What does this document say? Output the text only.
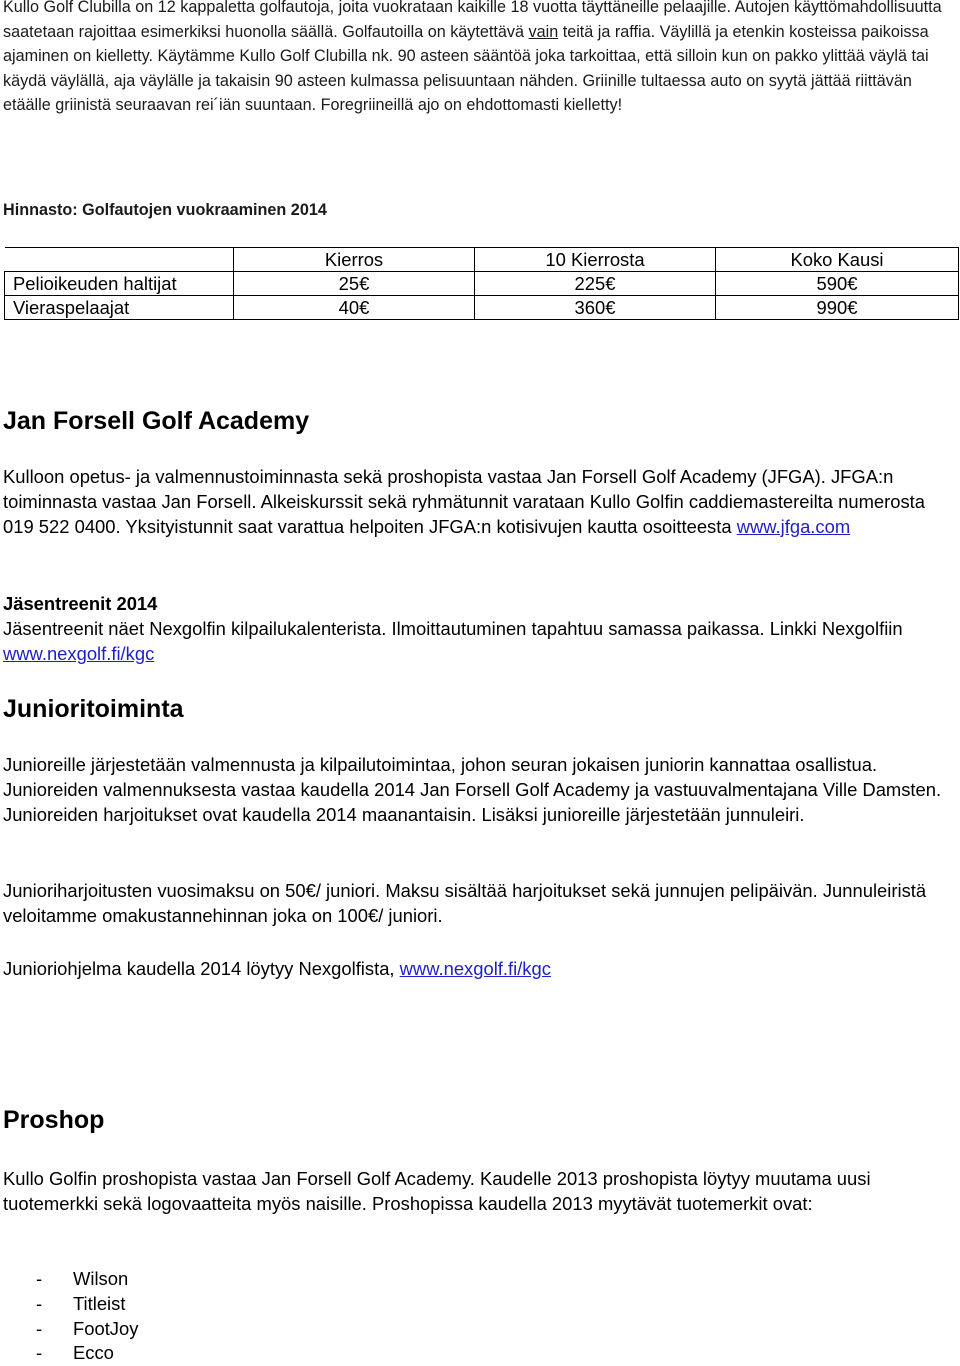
Kullo Golf Clubilla on 12 kappaletta golfautoja, joita vuokrataan kaikille 18 vuotta täyttäneille pelaajille. Autojen käyttömahdollisuutta saatetaan rajoittaa esimerkiksi huonolla säällä. Golfautoilla on käytettävä vain teitä ja raffia. Väylillä ja etenkin kosteissa paikoissa ajaminen on kielletty. Käytämme Kullo Golf Clubilla nk. 90 asteen sääntöä joka tarkoittaa, että silloin kun on pakko ylittää väylä tai käydä väylällä, aja väylälle ja takaisin 90 asteen kulmassa pelisuuntaan nähden. Griinille tultaessa auto on syytä jättää riittävän etäälle griinistä seuraavan rei´iän suuntaan. Foregriineillä ajo on ehdottomasti kielletty!
Hinnasto: Golfautojen vuokraaminen 2014
	Kierros	10 Kierrosta	Koko Kausi
Pelioikeuden haltijat	25€	225€	590€
Vieraspelaajat	40€	360€	990€
Jan Forsell Golf Academy
Kulloon opetus- ja valmennustoiminnasta sekä proshopista vastaa Jan Forsell Golf Academy (JFGA). JFGA:n toiminnasta vastaa Jan Forsell. Alkeiskurssit sekä ryhmätunnit varataan Kullo Golfin caddiemastereilta numerosta 019 522 0400. Yksityistunnit saat varattua helpoiten JFGA:n kotisivujen kautta osoitteesta www.jfga.com
Jäsentreenit 2014
Jäsentreenit näet Nexgolfin kilpailukalenterista. Ilmoittautuminen tapahtuu samassa paikassa. Linkki Nexgolfiin www.nexgolf.fi/kgc
Junioritoiminta
Junioreille järjestetään valmennusta ja kilpailutoimintaa, johon seuran jokaisen juniorin kannattaa osallistua. Junioreiden valmennuksesta vastaa kaudella 2014 Jan Forsell Golf Academy ja vastuuvalmentajana Ville Damsten. Junioreiden harjoitukset ovat kaudella 2014 maanantaisin. Lisäksi junioreille järjestetään junnuleiri.
Junioriharjoitusten vuosimaksu on 50€/ juniori. Maksu sisältää harjoitukset sekä junnujen pelipäivän. Junnuleiristä veloitamme omakustannehinnan joka on 100€/ juniori.
Junioriohjelma kaudella 2014 löytyy Nexgolfista, www.nexgolf.fi/kgc
Proshop
Kullo Golfin proshopista vastaa Jan Forsell Golf Academy. Kaudelle 2013 proshopista löytyy muutama uusi tuotemerkki sekä logovaatteita myös naisille. Proshopissa kaudella 2013 myytävät tuotemerkit ovat:
- Wilson
- Titleist
- FootJoy
- Ecco
